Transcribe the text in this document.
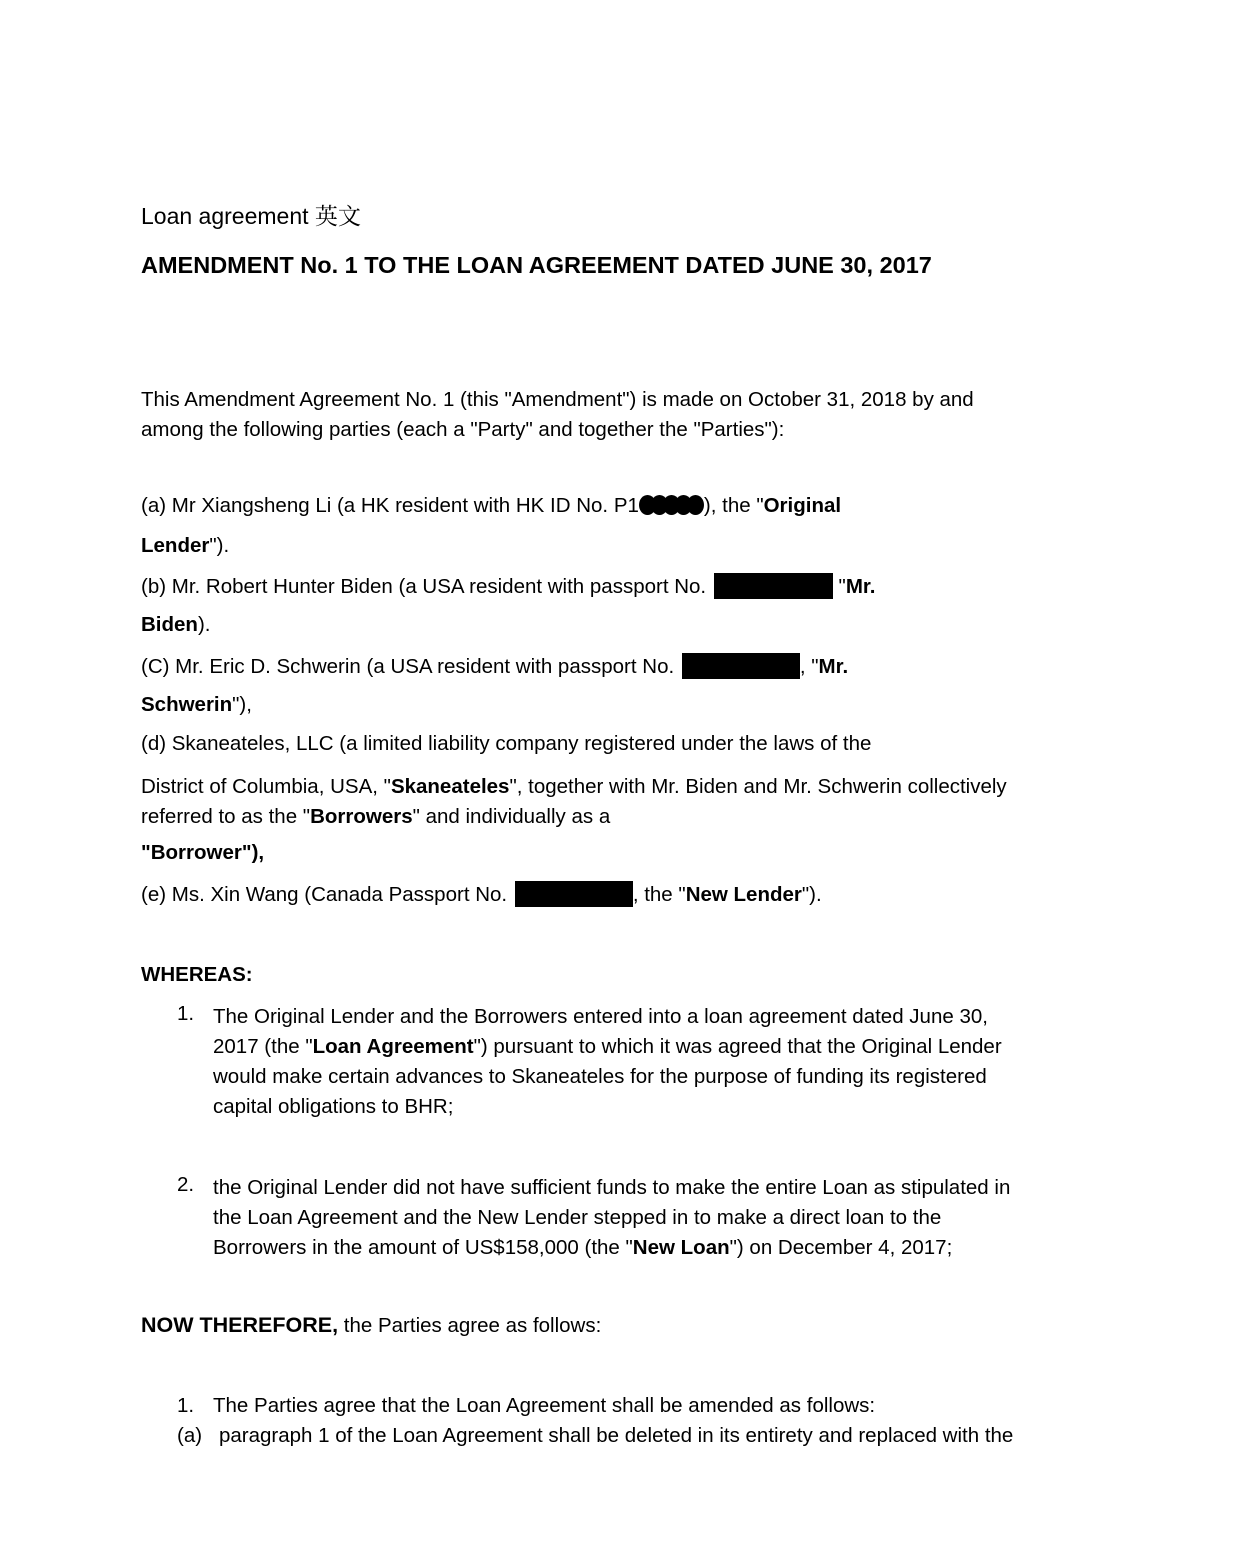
Loan agreement 英文
AMENDMENT No. 1 TO THE LOAN AGREEMENT DATED JUNE 30, 2017
This Amendment Agreement No. 1 (this "Amendment") is made on October 31, 2018 by and
among the following parties (each a "Party" and together the "Parties"):
(a) Mr Xiangsheng Li (a HK resident with HK ID No. P1	), the "Original
Lender").
(b) Mr. Robert Hunter Biden (a USA resident with passport No.	"Mr.
Biden).
(C) Mr. Eric D. Schwerin (a USA resident with passport No.	, "Mr.
Schwerin"),
(d) Skaneateles, LLC (a limited liability company registered under the laws of the
District of Columbia, USA, "Skaneateles", together with Mr. Biden and Mr. Schwerin collectively
referred to as the "Borrowers" and individually as a
"Borrower"),
(e) Ms. Xin Wang (Canada Passport No.	, the "New Lender").
WHEREAS:
1. The Original Lender and the Borrowers entered into a loan agreement dated June 30,
2017 (the "Loan Agreement") pursuant to which it was agreed that the Original Lender
would make certain advances to Skaneateles for the purpose of funding its registered
capital obligations to BHR;
2. the Original Lender did not have sufficient funds to make the entire Loan as stipulated in
the Loan Agreement and the New Lender stepped in to make a direct loan to the
Borrowers in the amount of US$158,000 (the "New Loan") on December 4, 2017;
NOW THEREFORE, the Parties agree as follows:
1. The Parties agree that the Loan Agreement shall be amended as follows:
(a) paragraph 1 of the Loan Agreement shall be deleted in its entirety and replaced with the
